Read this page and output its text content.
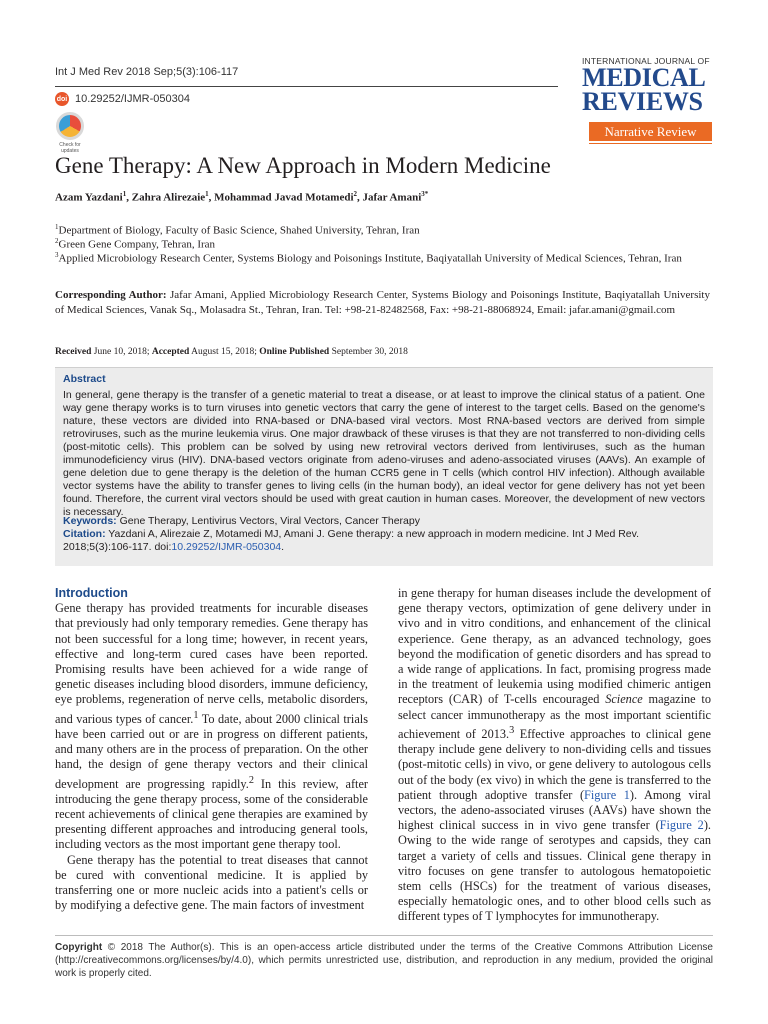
Int J Med Rev 2018 Sep;5(3):106-117
doi 10.29252/IJMR-050304
Check for updates
INTERNATIONAL JOURNAL OF
MEDICAL
REVIEWS
Narrative Review
Gene Therapy: A New Approach in Modern Medicine
Azam Yazdani$^1$, Zahra Alirezaie$^1$, Mohammad Javad Motamedi$^2$, Jafar Amani$^{3*}$
$^1$Department of Biology, Faculty of Basic Science, Shahed University, Tehran, Iran
$^2$Green Gene Company, Tehran, Iran
$^3$Applied Microbiology Research Center, Systems Biology and Poisonings Institute, Baqiyatallah University of Medical Sciences, Tehran, Iran
Corresponding Author: Jafar Amani, Applied Microbiology Research Center, Systems Biology and Poisonings Institute, Baqiyatallah University of Medical Sciences, Vanak Sq., Molasadra St., Tehran, Iran. Tel: +98-21-82482568, Fax: +98-21-88068924, Email: jafar.amani@gmail.com
Received June 10, 2018; Accepted August 15, 2018; Online Published September 30, 2018
Abstract
In general, gene therapy is the transfer of a genetic material to treat a disease, or at least to improve the clinical status of a patient. One way gene therapy works is to turn viruses into genetic vectors that carry the gene of interest to the target cells. Based on the genome's nature, these vectors are divided into RNA-based or DNA-based viral vectors. Most RNA-based vectors are derived from simple retroviruses, such as the murine leukemia virus. One major drawback of these viruses is that they are not transferred to non-dividing cells (post-mitotic cells). This problem can be solved by using new retroviral vectors derived from lentiviruses, such as the human immunodeficiency virus (HIV). DNA-based vectors originate from adeno-viruses and adeno-associated viruses (AAVs). An example of gene deletion due to gene therapy is the deletion of the human CCR5 gene in T cells (which control HIV infection). Although available vector systems have the ability to transfer genes to living cells (in the human body), an ideal vector for gene delivery has not yet been found. Therefore, the current viral vectors should be used with great caution in human cases. Moreover, the development of new vectors is necessary.
Keywords: Gene Therapy, Lentivirus Vectors, Viral Vectors, Cancer Therapy
Citation: Yazdani A, Alirezaie Z, Motamedi MJ, Amani J. Gene therapy: a new approach in modern medicine. Int J Med Rev. 2018;5(3):106-117. doi:10.29252/IJMR-050304.
Introduction

Gene therapy has provided treatments for incurable diseases that previously had only temporary remedies. Gene therapy has not been successful for a long time; however, in recent years, effective and long-term cured cases have been reported. Promising results have been achieved for a wide range of genetic diseases including blood disorders, immune deficiency, eye problems, regeneration of nerve cells, metabolic disorders, and various types of cancer.$^1$ To date, about 2000 clinical trials have been carried out or are in progress on different patients, and many others are in the process of preparation. On the other hand, the design of gene therapy vectors and their clinical development are progressing rapidly.$^2$ In this review, after introducing the gene therapy process, some of the considerable recent achievements of clinical gene therapies are examined by presenting different approaches and introducing general tools, including vectors as the most important gene therapy tool.

Gene therapy has the potential to treat diseases that cannot be cured with conventional medicine. It is applied by transferring one or more nucleic acids into a patient's cells or by modifying a defective gene. The main factors of investment

in gene therapy for human diseases include the development of gene therapy vectors, optimization of gene delivery under in vivo and in vitro conditions, and enhancement of the clinical experience. Gene therapy, as an advanced technology, goes beyond the modification of genetic disorders and has spread to a wide range of applications. In fact, promising progress made in the treatment of leukemia using modified chimeric antigen receptors (CAR) of T-cells encouraged Science magazine to select cancer immunotherapy as the most important scientific achievement of 2013.$^3$ Effective approaches to clinical gene therapy include gene delivery to non-dividing cells and tissues (post-mitotic cells) in vivo, or gene delivery to autologous cells out of the body (ex vivo) in which the gene is transferred to the patient through adoptive transfer (Figure 1). Among viral vectors, the adeno-associated viruses (AAVs) have shown the highest clinical success in in vivo gene transfer (Figure 2). Owing to the wide range of serotypes and capsids, they can target a variety of cells and tissues. Clinical gene therapy in vitro focuses on gene transfer to autologous hematopoietic stem cells (HSCs) for the treatment of various diseases, especially hematologic ones, and to other blood cells such as different types of T lymphocytes for immunotherapy.

Copyright © 2018 The Author(s). This is an open-access article distributed under the terms of the Creative Commons Attribution License (http://creativecommons.org/licenses/by/4.0), which permits unrestricted use, distribution, and reproduction in any medium, provided the original work is properly cited.
